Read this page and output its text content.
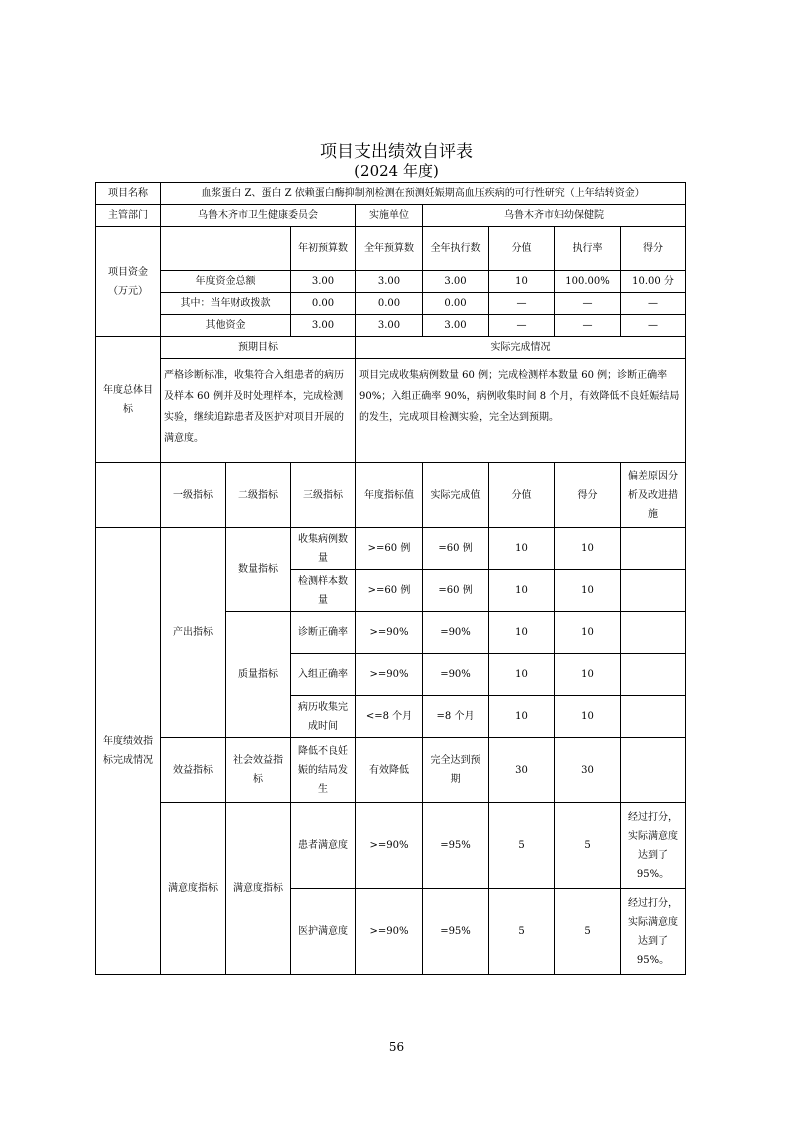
项目支出绩效自评表
(2024 年度)
项目名称	血浆蛋白 Z、蛋白 Z 依赖蛋白酶抑制剂检测在预测妊娠期高血压疾病的可行性研究（上年结转资金）							
主管部门	乌鲁木齐市卫生健康委员会			实施单位	乌鲁木齐市妇幼保健院			
项目资金（万元）			年初预算数	全年预算数	全年执行数	分值	执行率	得分
	年度资金总额		3.00	3.00	3.00	10	100.00%	10.00 分
	其中：当年财政拨款		0.00	0.00	0.00	—	—	—
	其他资金		3.00	3.00	3.00	—	—	—
年度总体目标	预期目标			实际完成情况				
	严格诊断标准，收集符合入组患者的病历及样本 60 例并及时处理样本，完成检测实验，继续追踪患者及医护对项目开展的满意度。			项目完成收集病例数量 60 例；完成检测样本数量 60 例；诊断正确率 90%；入组正确率 90%，病例收集时间 8 个月，有效降低不良妊娠结局的发生，完成项目检测实验，完全达到预期。				
	一级指标	二级指标	三级指标	年度指标值	实际完成值	分值	得分	偏差原因分析及改进措施
年度绩效指标完成情况	产出指标	数量指标	收集病例数量	>=60 例	=60 例	10	10	
			检测样本数量	>=60 例	=60 例	10	10	
		质量指标	诊断正确率	>=90%	=90%	10	10	
			入组正确率	>=90%	=90%	10	10	
			病历收集完成时间	<=8 个月	=8 个月	10	10	
	效益指标	社会效益指标	降低不良妊娠的结局发生	有效降低	完全达到预期	30	30	
	满意度指标	满意度指标	患者满意度	>=90%	=95%	5	5	经过打分，实际满意度达到了 95%。
			医护满意度	>=90%	=95%	5	5	经过打分，实际满意度达到了 95%。
56
